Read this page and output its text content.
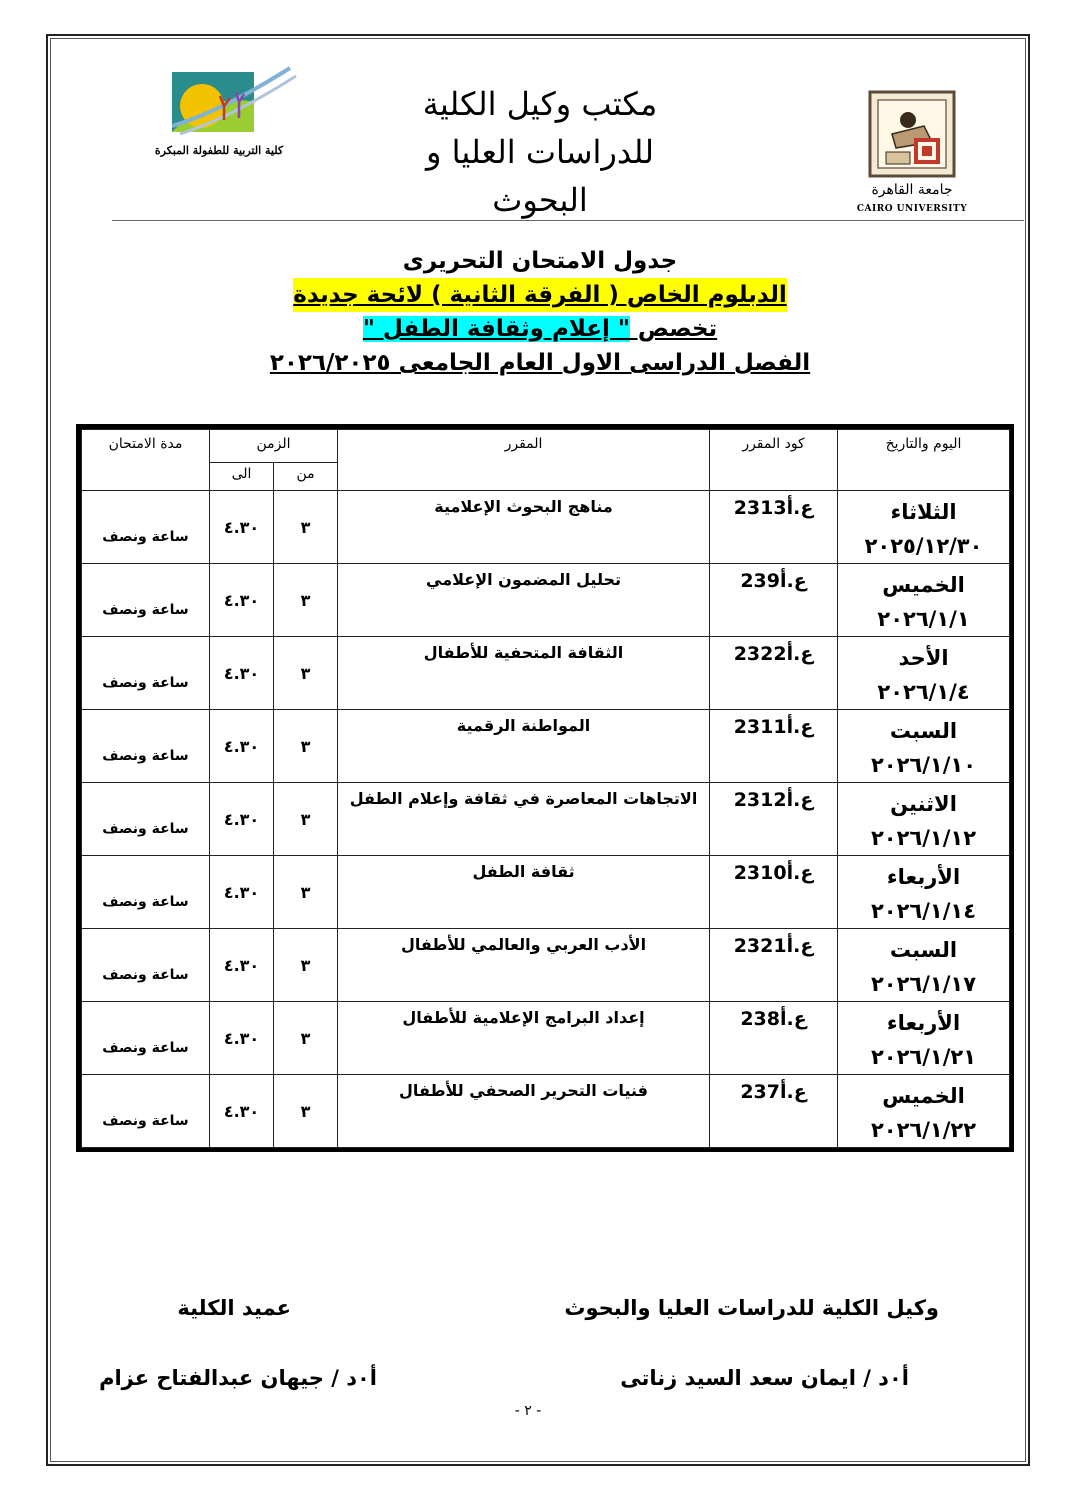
جامعة القاهرة
CAIRO UNIVERSITY
كلية التربية للطفولة المبكرة
مكتب وكيل الكلية
للدراسات العليا و البحوث
جدول الامتحان التحريرى
الدبلوم الخاص ( الفرقة الثانية ) لائحة جديدة
تخصص " إعلام وثقافة الطفل "
الفصل الدراسى الاول العام الجامعى ٢٠٢٦/٢٠٢٥
اليوم والتاريخ	كود المقرر	المقرر	الزمن		مدة الامتحان
			من	الى	

الثلاثاء
٢٠٢٥/١٢/٣٠	ع.أ2313	مناهج البحوث الإعلامية	٣	٤.٣٠	ساعة ونصف

الخميس
٢٠٢٦/١/١	ع.أ239	تحليل المضمون الإعلامي	٣	٤.٣٠	ساعة ونصف

الأحد
٢٠٢٦/١/٤	ع.أ2322	الثقافة المتحفية للأطفال	٣	٤.٣٠	ساعة ونصف

السبت
٢٠٢٦/١/١٠	ع.أ2311	المواطنة الرقمية	٣	٤.٣٠	ساعة ونصف

الاثنين
٢٠٢٦/١/١٢	ع.أ2312	الاتجاهات المعاصرة في ثقافة وإعلام الطفل	٣	٤.٣٠	ساعة ونصف

الأربعاء
٢٠٢٦/١/١٤	ع.أ2310	ثقافة الطفل	٣	٤.٣٠	ساعة ونصف

السبت
٢٠٢٦/١/١٧	ع.أ2321	الأدب العربي والعالمي للأطفال	٣	٤.٣٠	ساعة ونصف

الأربعاء
٢٠٢٦/١/٢١	ع.أ238	إعداد البرامج الإعلامية للأطفال	٣	٤.٣٠	ساعة ونصف

الخميس
٢٠٢٦/١/٢٢	ع.أ237	فنيات التحرير الصحفي للأطفال	٣	٤.٣٠	ساعة ونصف
وكيل الكلية للدراسات العليا والبحوث
أ٠د / ايمان سعد السيد زناتى
عميد الكلية
أ٠د / جيهان عبدالفتاح عزام
- ٢ -
